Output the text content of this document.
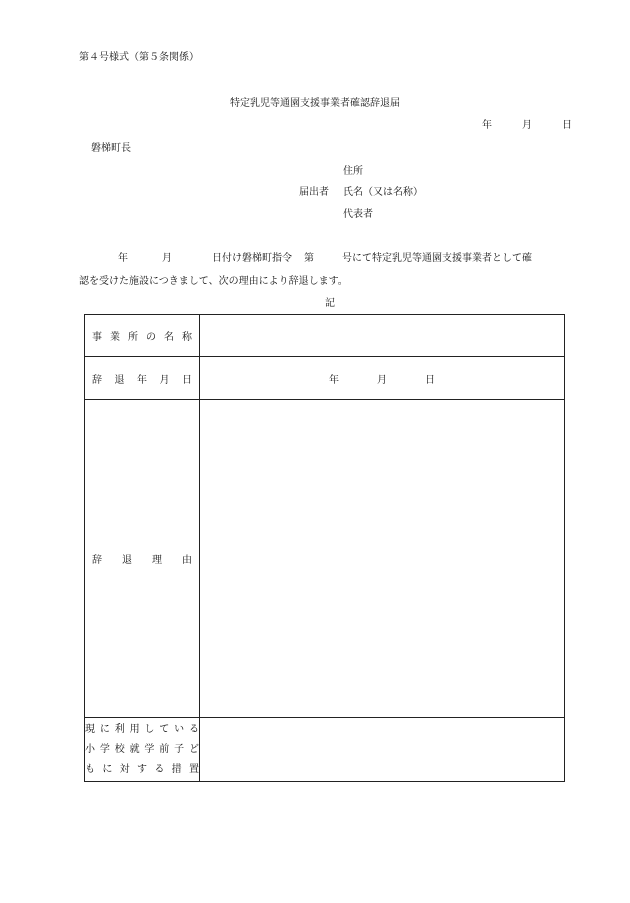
第４号様式（第５条関係）
特定乳児等通園支援事業者確認辞退届
年	月	日
磐梯町長
住所
届出者 氏名（又は名称）
代表者
年	月	日付け磐梯町指令 第	号にて特定乳児等通園支援事業者として確
認を受けた施設につきまして、次の理由により辞退します。
記
事業所の名称	

辞退年月日	年 月 日

辞退理由	

現に利用している
小学校就学前子ど
もに対する措置	
